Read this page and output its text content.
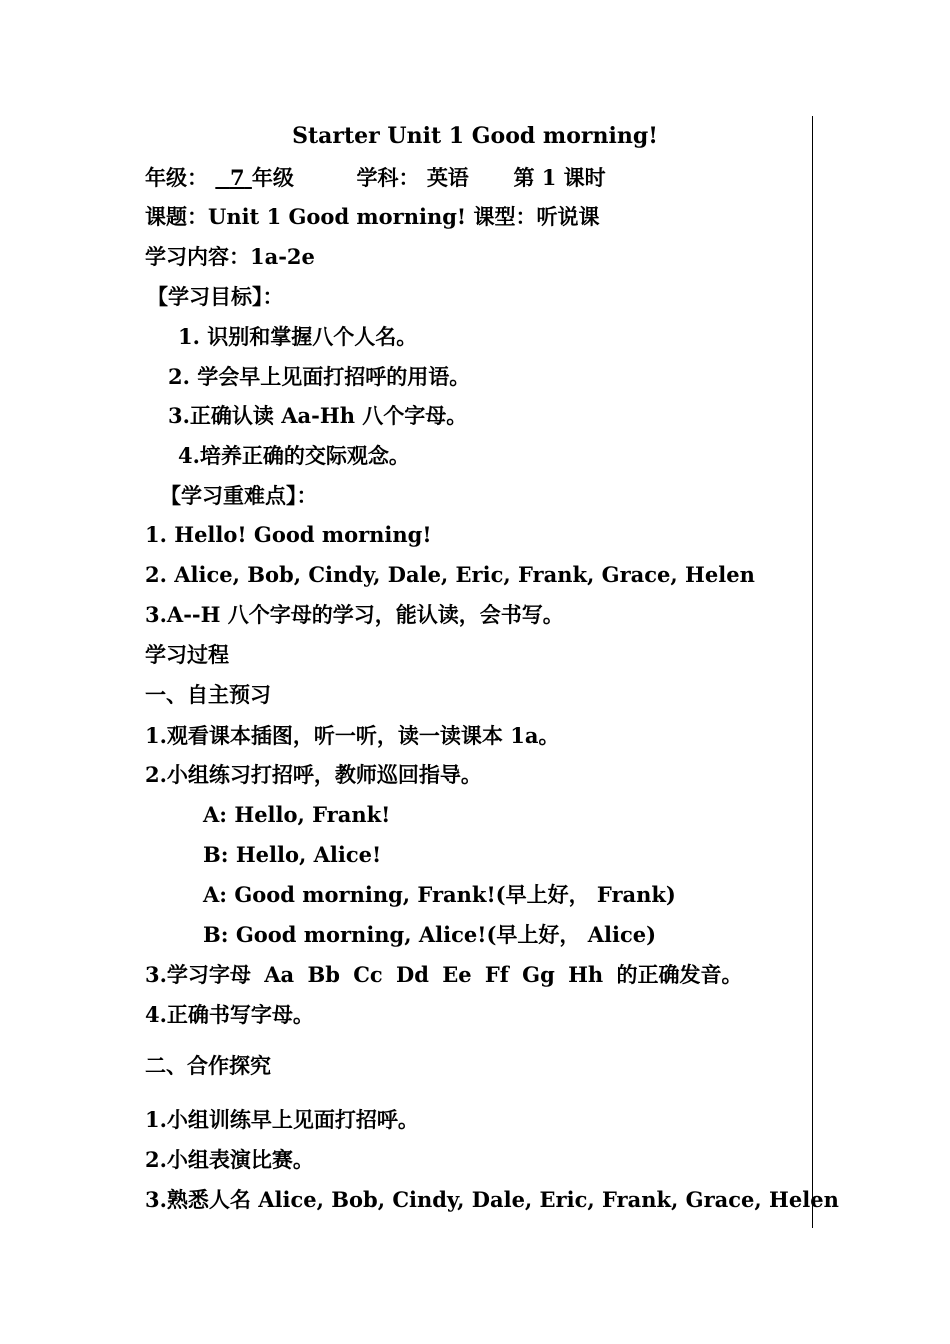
Starter Unit 1 Good morning!
年级： 7 年级	学科： 英语 第 1 课时
课题：Unit 1 Good morning! 课型：听说课
学习内容：1a-2e
【学习目标】：
1. 识别和掌握八个人名。
2. 学会早上见面打招呼的用语。
3.正确认读 Aa-Hh 八个字母。
4.培养正确的交际观念。
【学习重难点】：
1. Hello! Good morning!
2. Alice, Bob, Cindy, Dale, Eric, Frank, Grace, Helen
3.A--H 八个字母的学习，能认读，会书写。
学习过程
一、自主预习
1.观看课本插图，听一听，读一读课本 1a。
2.小组练习打招呼，教师巡回指导。
A: Hello, Frank!
B: Hello, Alice!
A: Good morning, Frank!(早上好， Frank)
B: Good morning, Alice!(早上好， Alice)
3.学习字母 Aa Bb Cc Dd Ee Ff Gg Hh 的正确发音。
4.正确书写字母。
二、合作探究
1.小组训练早上见面打招呼。
2.小组表演比赛。
3.熟悉人名 Alice, Bob, Cindy, Dale, Eric, Frank, Grace, Helen
